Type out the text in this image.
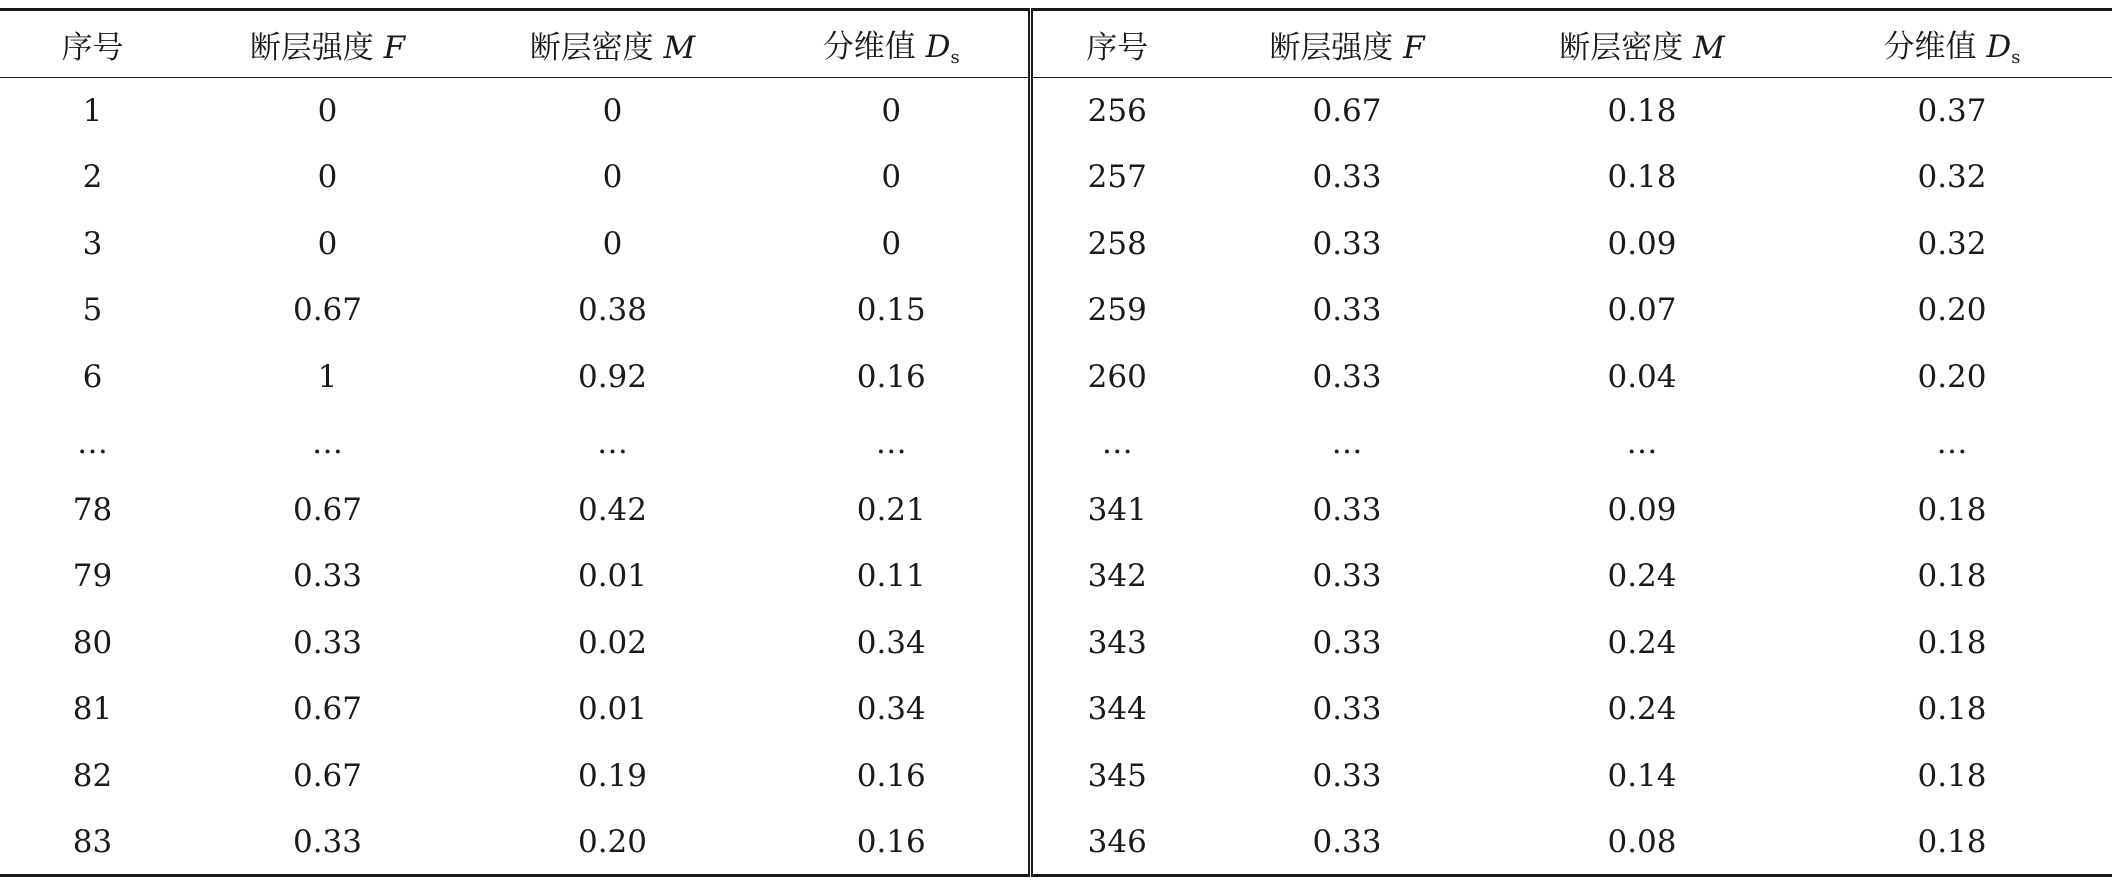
序号	断层强度 F	断层密度 M	分维值 $D_s$	序号	断层强度 F	断层密度 M	分维值 $D_s$
1	0	0	0	256	0.67	0.18	0.37
2	0	0	0	257	0.33	0.18	0.32
3	0	0	0	258	0.33	0.09	0.32
5	0.67	0.38	0.15	259	0.33	0.07	0.20
6	1	0.92	0.16	260	0.33	0.04	0.20
…	…	…	…	…	…	…	…
78	0.67	0.42	0.21	341	0.33	0.09	0.18
79	0.33	0.01	0.11	342	0.33	0.24	0.18
80	0.33	0.02	0.34	343	0.33	0.24	0.18
81	0.67	0.01	0.34	344	0.33	0.24	0.18
82	0.67	0.19	0.16	345	0.33	0.14	0.18
83	0.33	0.20	0.16	346	0.33	0.08	0.18
